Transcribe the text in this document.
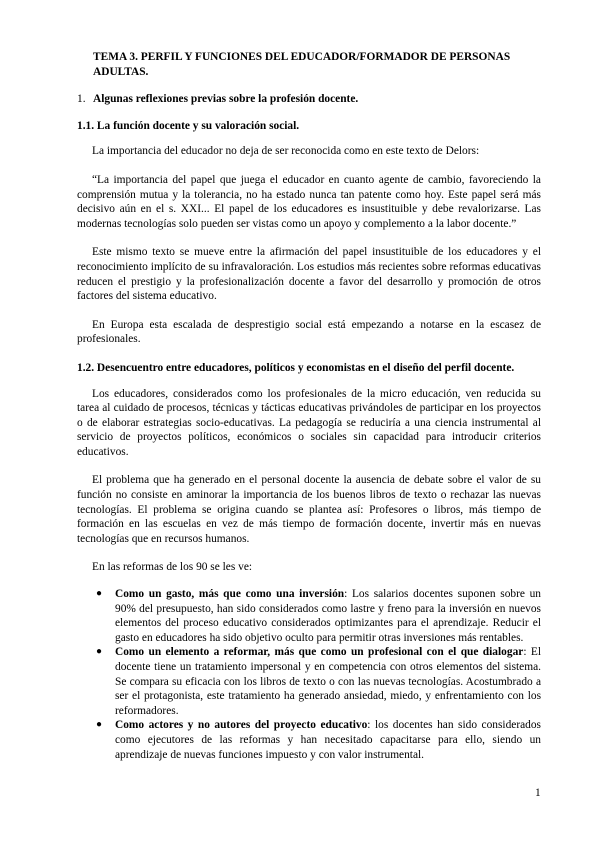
TEMA 3. PERFIL Y FUNCIONES DEL EDUCADOR/FORMADOR DE PERSONAS ADULTAS.

1. Algunas reflexiones previas sobre la profesión docente.

1.1. La función docente y su valoración social.

La importancia del educador no deja de ser reconocida como en este texto de Delors:

“La importancia del papel que juega el educador en cuanto agente de cambio, favoreciendo la comprensión mutua y la tolerancia, no ha estado nunca tan patente como hoy. Este papel será más decisivo aún en el s. XXI... El papel de los educadores es insustituible y debe revalorizarse. Las modernas tecnologías solo pueden ser vistas como un apoyo y complemento a la labor docente.”

Este mismo texto se mueve entre la afirmación del papel insustituible de los educadores y el reconocimiento implícito de su infravaloración. Los estudios más recientes sobre reformas educativas reducen el prestigio y la profesionalización docente a favor del desarrollo y promoción de otros factores del sistema educativo.

En Europa esta escalada de desprestigio social está empezando a notarse en la escasez de profesionales.

1.2. Desencuentro entre educadores, políticos y economistas en el diseño del perfil docente.

Los educadores, considerados como los profesionales de la micro educación, ven reducida su tarea al cuidado de procesos, técnicas y tácticas educativas privándoles de participar en los proyectos o de elaborar estrategias socio-educativas. La pedagogía se reduciría a una ciencia instrumental al servicio de proyectos políticos, económicos o sociales sin capacidad para introducir criterios educativos.

El problema que ha generado en el personal docente la ausencia de debate sobre el valor de su función no consiste en aminorar la importancia de los buenos libros de texto o rechazar las nuevas tecnologías. El problema se origina cuando se plantea así: Profesores o libros, más tiempo de formación en las escuelas en vez de más tiempo de formación docente, invertir más en nuevas tecnologías que en recursos humanos.

En las reformas de los 90 se les ve:

● Como un gasto, más que como una inversión: Los salarios docentes suponen sobre un 90% del presupuesto, han sido considerados como lastre y freno para la inversión en nuevos elementos del proceso educativo considerados optimizantes para el aprendizaje. Reducir el gasto en educadores ha sido objetivo oculto para permitir otras inversiones más rentables.
● Como un elemento a reformar, más que como un profesional con el que dialogar: El docente tiene un tratamiento impersonal y en competencia con otros elementos del sistema. Se compara su eficacia con los libros de texto o con las nuevas tecnologías. Acostumbrado a ser el protagonista, este tratamiento ha generado ansiedad, miedo, y enfrentamiento con los reformadores.
● Como actores y no autores del proyecto educativo: los docentes han sido considerados como ejecutores de las reformas y han necesitado capacitarse para ello, siendo un aprendizaje de nuevas funciones impuesto y con valor instrumental.
1
